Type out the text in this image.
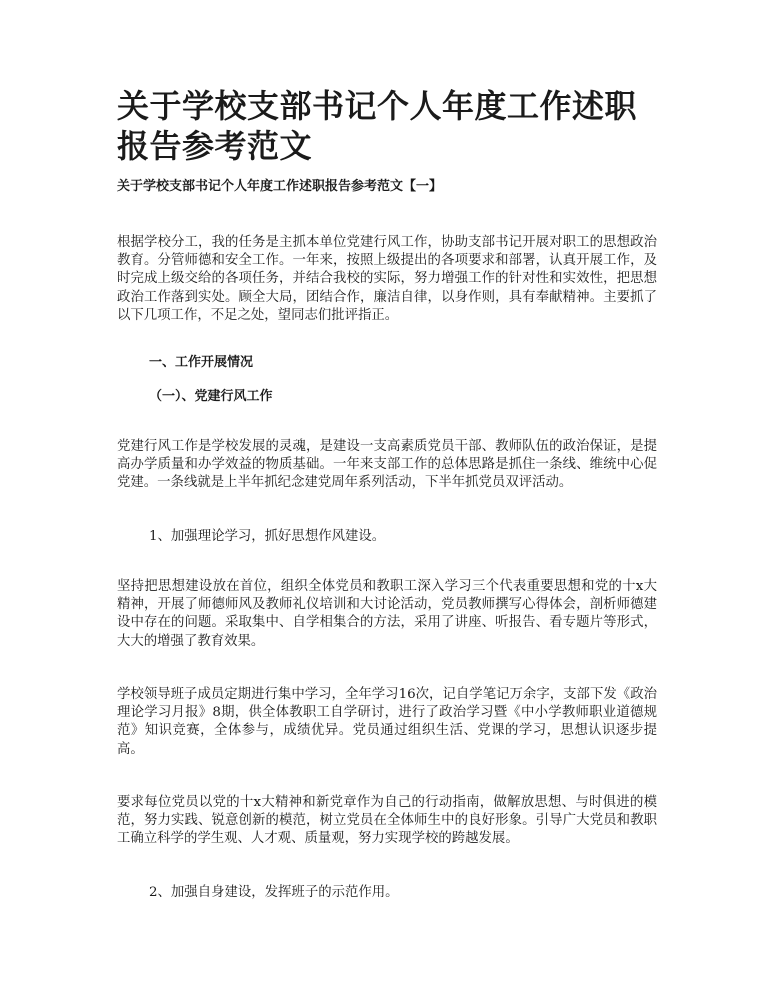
关于学校支部书记个人年度工作述职报告参考范文

关于学校支部书记个人年度工作述职报告参考范文【一】

根据学校分工，我的任务是主抓本单位党建行风工作，协助支部书记开展对职工的思想政治教育。分管师德和安全工作。一年来，按照上级提出的各项要求和部署，认真开展工作，及时完成上级交给的各项任务，并结合我校的实际，努力增强工作的针对性和实效性，把思想政治工作落到实处。顾全大局，团结合作，廉洁自律，以身作则，具有奉献精神。主要抓了以下几项工作，不足之处，望同志们批评指正。

一、工作开展情况

（一）、党建行风工作

党建行风工作是学校发展的灵魂，是建设一支高素质党员干部、教师队伍的政治保证，是提高办学质量和办学效益的物质基础。一年来支部工作的总体思路是抓住一条线、维统中心促党建。一条线就是上半年抓纪念建党周年系列活动，下半年抓党员双评活动。

1、加强理论学习，抓好思想作风建设。

坚持把思想建设放在首位，组织全体党员和教职工深入学习三个代表重要思想和党的十x大精神，开展了师德师风及教师礼仪培训和大讨论活动，党员教师撰写心得体会，剖析师德建设中存在的问题。采取集中、自学相集合的方法，采用了讲座、听报告、看专题片等形式，大大的增强了教育效果。

学校领导班子成员定期进行集中学习，全年学习16次，记自学笔记万余字，支部下发《政治理论学习月报》8期，供全体教职工自学研讨，进行了政治学习暨《中小学教师职业道德规范》知识竞赛，全体参与，成绩优异。党员通过组织生活、党课的学习，思想认识逐步提高。

要求每位党员以党的十x大精神和新党章作为自己的行动指南，做解放思想、与时俱进的模范，努力实践、锐意创新的模范，树立党员在全体师生中的良好形象。引导广大党员和教职工确立科学的学生观、人才观、质量观，努力实现学校的跨越发展。

2、加强自身建设，发挥班子的示范作用。
